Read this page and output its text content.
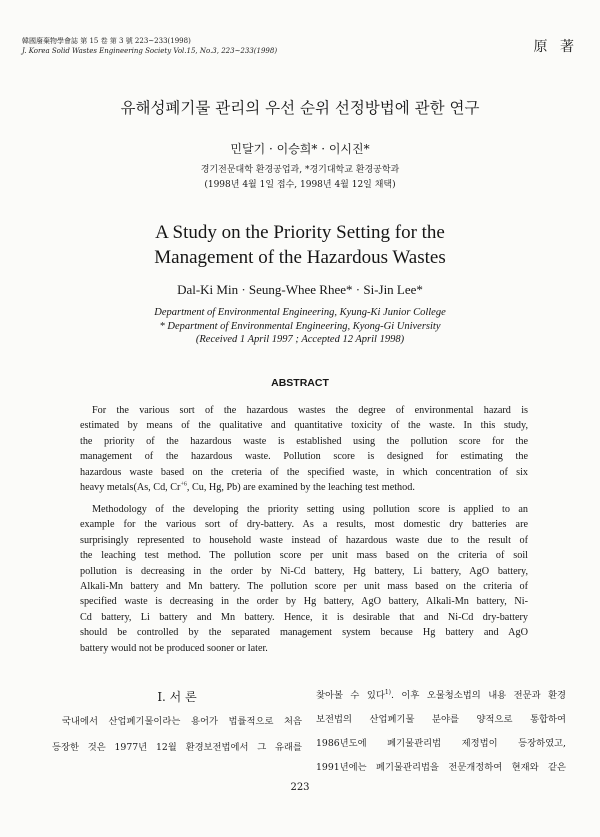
韓國廢棄物學會誌 第 15 卷 第 3 號 223~233(1998)
J. Korea Solid Wastes Engineering Society Vol.15, No.3, 223~233(1998)	原 著
유해성폐기물 관리의 우선 순위 선정방법에 관한 연구
민달기 · 이승희* · 이시진*
경기전문대학 환경공업과, *경기대학교 환경공학과
(1998년 4월 1일 접수, 1998년 4월 12일 채택)
A Study on the Priority Setting for the
Management of the Hazardous Wastes
Dal-Ki Min · Seung-Whee Rhee* · Si-Jin Lee*
Department of Environmental Engineering, Kyung-Ki Junior College
* Department of Environmental Engineering, Kyong-Gi University
(Received 1 April 1997 ; Accepted 12 April 1998)
ABSTRACT
For the various sort of the hazardous wastes the degree of environmental hazard is
estimated by means of the qualitative and quantitative toxicity of the waste. In this study,
the priority of the hazardous waste is established using the pollution score for the
management of the hazardous waste. Pollution score is designed for estimating the
hazardous waste based on the creteria of the specified waste, in which concentration of six
heavy metals(As, Cd, $Cr^{+6}$, Cu, Hg, Pb) are examined by the leaching test method.
Methodology of the developing the priority setting using pollution score is applied to an
example for the various sort of dry-battery. As a results, most domestic dry batteries are
surprisingly represented to household waste instead of hazardous waste due to the result of
the leaching test method. The pollution score per unit mass based on the criteria of soil
pollution is decreasing in the order by Ni-Cd battery, Hg battery, Li battery, AgO battery,
Alkali-Mn battery and Mn battery. The pollution score per unit mass based on the criteria of
specified waste is decreasing in the order by Hg battery, AgO battery, Alkali-Mn battery, Ni-
Cd battery, Li battery and Mn battery. Hence, it is desirable that and Ni-Cd dry-battery
should be controlled by the separated management system because Hg battery and AgO
battery would not be produced sooner or later.
I. 서 론
국내에서 산업폐기물이라는 용어가 법률적으로 처음
등장한 것은 1977년 12월 환경보전법에서 그 유래를
찾아볼 수 있다$^{1)}$. 이후 오물청소법의 내용 전문과 환경
보전법의 산업폐기물 분야를 양적으로 통합하여
1986년도에 폐기물관리법 제정법이 등장하였고,
1991년에는 폐기물관리법을 전문개정하여 현재와 같은
223
